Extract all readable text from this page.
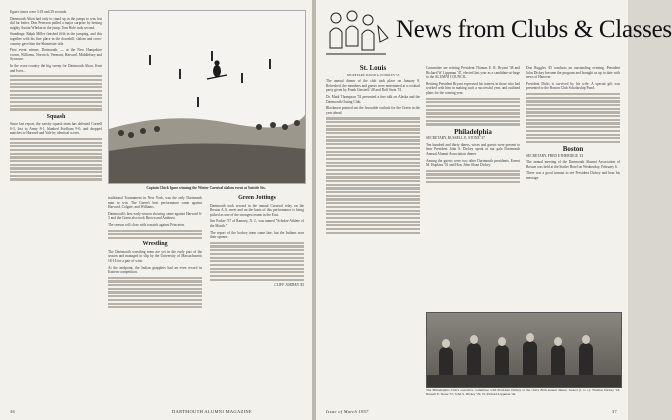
Egan's times were 3:18 and 29 seconds.

Dartmouth Alton had only to stand up in the jumps to win, but did far better. Don Peterson pulled a major surprise by besting mighty Austin Whelan in the jump. Tom Hole took second.

Standings: Ralph Miller finished fifth in the jumping, and this together with his fine place in the downhill, slalom and cross-country gave him the Skimeister title.

First event winner, Dartmouth, — at the New Hampshire crown, Williams, Norwich, Vermont, Harvard, Middlebury and Syracuse.

In the cross-country the big sweep for Dartmouth Alton, Kent and Ivers...

Squash

Since last report, the varsity squash team has defeated Cornell 6-3, lost to Army 8-1, blanked Fordham 9-0, and dropped matches to Harvard and Yale by identical scores.

Captain Chick Igaro winning the Winter Carnival slalom event at Suicide Six.

traditional Tournament in New York, was the only Dartmouth man to win. The Green's best performance came against Harvard, Colgate, and Williams.

Dartmouth's best early-season showing came against Harvard 6-3 and the Green also took Brown and Amherst.

The season will close with a match against Princeton.

Wrestling

The Dartmouth wrestling team are yet in the early part of the season and managed to slip by the University of Massachusetts 18-14 for a pair of wins.

At the midpoint, the Indian grapplers had an even record in Eastern competition.

Green Jottings

Dartmouth took second in the annual Carnival relay on the Boston A.A. meet and on the basis of this performance is being picked as one of the strongest teams in the East.

Jim Parker '57 of Ramsey, N. J., was named "Scholar-Athlete of the Month."

The report of the hockey team came late, but the Indians won their opener.

CLIFF JORDAN '45
36	DARTMOUTH ALUMNI MAGAZINE
News from Clubs & Classes
St. Louis
SECRETARY, DAVID A. ECHOLES '55

The annual dinner of the club took place on January 8, Refreshed, the members and guests were entertained at a cocktail party given by Frank Ginsterli '48 and Rolf Stutz '51.

Dr. Mark Thompson '52 presented a fine talk on Alaska and the Dartmouth Outing Club.

Blackmon pointed out the favorable outlook for the Green in the year ahead.

Committee are retiring President Thomas E. R. Bryant '38 and Richard W. Lippman '47, elected last year as a candidate-at-large to the ALUMNI COUNCIL.

Retiring President Bryant expressed his interest in those who had worked with him in making such a successful year, and outlined plans for the coming year.

Philadelphia

SECRETARY, RUSSELL E. STONE '37

Ten hundred and thirty diners, wives and guests were present to hear President John S. Dickey speak at our gala Dartmouth Annual Alumni Association dinner.

Among the guests were two other Dartmouth presidents, Ernest M. Hopkins '01 and Hon. John Sloan Dickey.

Don Ruggles '45 conducts an outstanding evening. President John Dickey became the program and brought us up to date with news of Hanover.

President Dicks is survived by his wife. A special gift was presented to the Boston Club Scholarship Fund.

Boston

SECRETARY, FRED ETHERIDGE '43

The annual meeting of the Dartmouth Alumni Association of Boston was held at the Statler Hotel on Wednesday, February 6.

There was a good turnout to see President Dickey and hear his message.

The Philadelphia Club's executive committee with President Dickey at the club's 80th annual dinner. Seated (l. to r.): Thomas Dickey '18, Russell E. Stone '37, John S. Dickey '29, W. Richard Lippman '44.
Issue of March 1957	37
